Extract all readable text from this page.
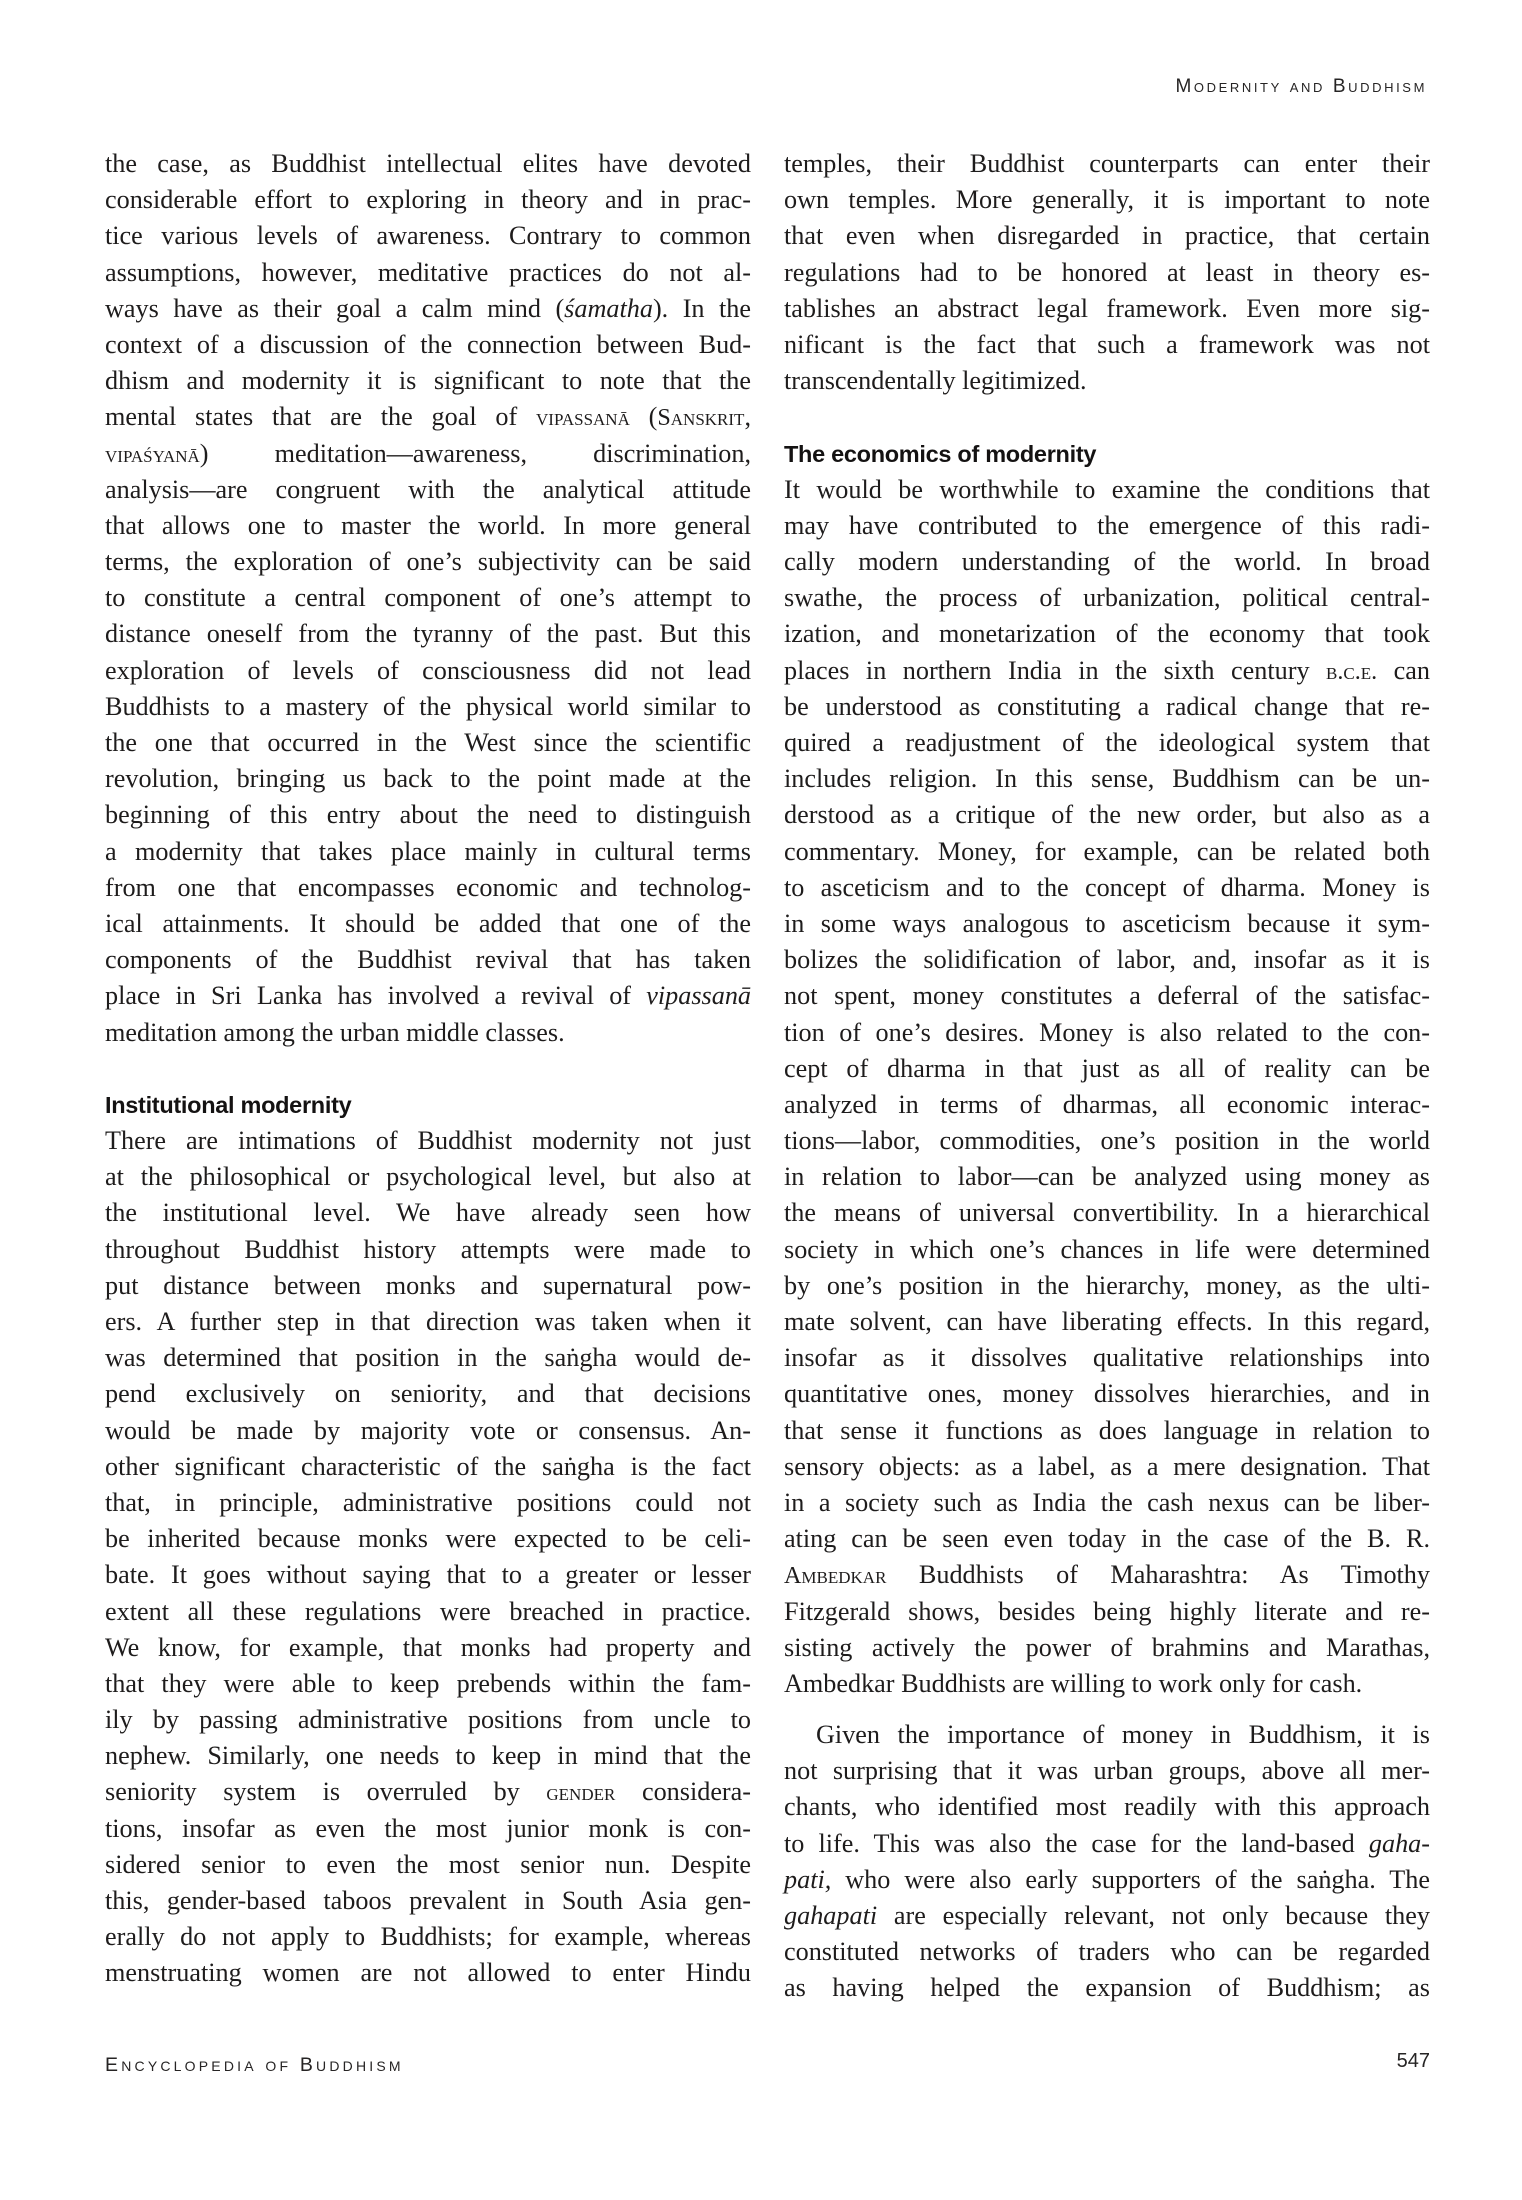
Modernity and Buddhism
the case, as Buddhist intellectual elites have devoted
considerable effort to exploring in theory and in prac-
tice various levels of awareness. Contrary to common
assumptions, however, meditative practices do not al-
ways have as their goal a calm mind (śamatha). In the
context of a discussion of the connection between Bud-
dhism and modernity it is significant to note that the
mental states that are the goal of vipassanā (Sanskrit,
vipaśyanā) meditation—awareness, discrimination,
analysis—are congruent with the analytical attitude
that allows one to master the world. In more general
terms, the exploration of one’s subjectivity can be said
to constitute a central component of one’s attempt to
distance oneself from the tyranny of the past. But this
exploration of levels of consciousness did not lead
Buddhists to a mastery of the physical world similar to
the one that occurred in the West since the scientific
revolution, bringing us back to the point made at the
beginning of this entry about the need to distinguish
a modernity that takes place mainly in cultural terms
from one that encompasses economic and technolog-
ical attainments. It should be added that one of the
components of the Buddhist revival that has taken
place in Sri Lanka has involved a revival of vipassanā
meditation among the urban middle classes.
Institutional modernity
There are intimations of Buddhist modernity not just
at the philosophical or psychological level, but also at
the institutional level. We have already seen how
throughout Buddhist history attempts were made to
put distance between monks and supernatural pow-
ers. A further step in that direction was taken when it
was determined that position in the saṅgha would de-
pend exclusively on seniority, and that decisions
would be made by majority vote or consensus. An-
other significant characteristic of the saṅgha is the fact
that, in principle, administrative positions could not
be inherited because monks were expected to be celi-
bate. It goes without saying that to a greater or lesser
extent all these regulations were breached in practice.
We know, for example, that monks had property and
that they were able to keep prebends within the fam-
ily by passing administrative positions from uncle to
nephew. Similarly, one needs to keep in mind that the
seniority system is overruled by gender considera-
tions, insofar as even the most junior monk is con-
sidered senior to even the most senior nun. Despite
this, gender-based taboos prevalent in South Asia gen-
erally do not apply to Buddhists; for example, whereas
menstruating women are not allowed to enter Hindu
temples, their Buddhist counterparts can enter their
own temples. More generally, it is important to note
that even when disregarded in practice, that certain
regulations had to be honored at least in theory es-
tablishes an abstract legal framework. Even more sig-
nificant is the fact that such a framework was not
transcendentally legitimized.
The economics of modernity
It would be worthwhile to examine the conditions that
may have contributed to the emergence of this radi-
cally modern understanding of the world. In broad
swathe, the process of urbanization, political central-
ization, and monetarization of the economy that took
places in northern India in the sixth century b.c.e. can
be understood as constituting a radical change that re-
quired a readjustment of the ideological system that
includes religion. In this sense, Buddhism can be un-
derstood as a critique of the new order, but also as a
commentary. Money, for example, can be related both
to asceticism and to the concept of dharma. Money is
in some ways analogous to asceticism because it sym-
bolizes the solidification of labor, and, insofar as it is
not spent, money constitutes a deferral of the satisfac-
tion of one’s desires. Money is also related to the con-
cept of dharma in that just as all of reality can be
analyzed in terms of dharmas, all economic interac-
tions—labor, commodities, one’s position in the world
in relation to labor—can be analyzed using money as
the means of universal convertibility. In a hierarchical
society in which one’s chances in life were determined
by one’s position in the hierarchy, money, as the ulti-
mate solvent, can have liberating effects. In this regard,
insofar as it dissolves qualitative relationships into
quantitative ones, money dissolves hierarchies, and in
that sense it functions as does language in relation to
sensory objects: as a label, as a mere designation. That
in a society such as India the cash nexus can be liber-
ating can be seen even today in the case of the B. R.
Ambedkar Buddhists of Maharashtra: As Timothy
Fitzgerald shows, besides being highly literate and re-
sisting actively the power of brahmins and Marathas,
Ambedkar Buddhists are willing to work only for cash.
Given the importance of money in Buddhism, it is
not surprising that it was urban groups, above all mer-
chants, who identified most readily with this approach
to life. This was also the case for the land-based gaha-
pati, who were also early supporters of the saṅgha. The
gahapati are especially relevant, not only because they
constituted networks of traders who can be regarded
as having helped the expansion of Buddhism; as
Encyclopedia of Buddhism	547
